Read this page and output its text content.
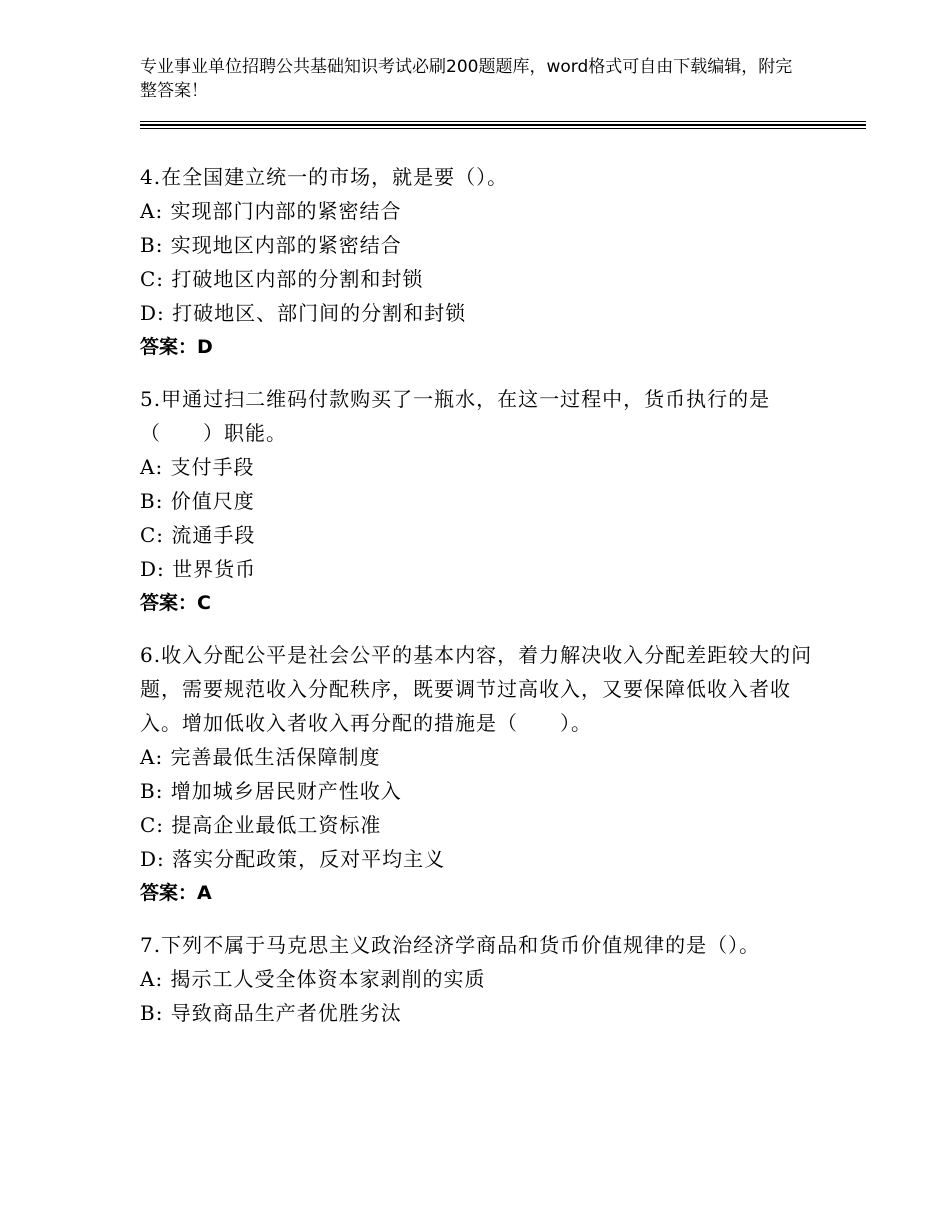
专业事业单位招聘公共基础知识考试必刷200题题库，word格式可自由下载编辑，附完整答案！

4.在全国建立统一的市场，就是要（）。

A: 实现部门内部的紧密结合

B: 实现地区内部的紧密结合

C: 打破地区内部的分割和封锁

D: 打破地区、部门间的分割和封锁

答案：D

5.甲通过扫二维码付款购买了一瓶水，在这一过程中，货币执行的是（　　）职能。

A: 支付手段

B: 价值尺度

C: 流通手段

D: 世界货币

答案：C

6.收入分配公平是社会公平的基本内容，着力解决收入分配差距较大的问题，需要规范收入分配秩序，既要调节过高收入，又要保障低收入者收入。增加低收入者收入再分配的措施是（　　）。

A: 完善最低生活保障制度

B: 增加城乡居民财产性收入

C: 提高企业最低工资标准

D: 落实分配政策，反对平均主义

答案：A

7.下列不属于马克思主义政治经济学商品和货币价值规律的是（）。

A: 揭示工人受全体资本家剥削的实质

B: 导致商品生产者优胜劣汰
